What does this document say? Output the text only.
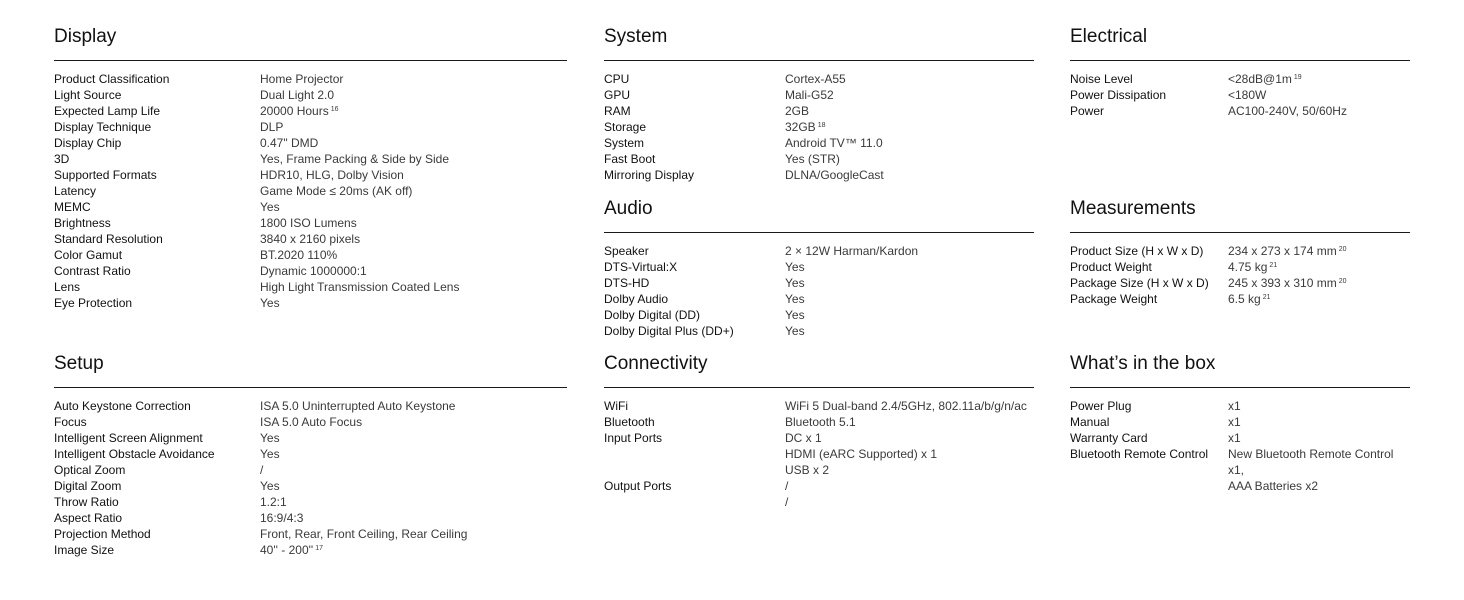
Display
Product Classification	Home Projector
Light Source	Dual Light 2.0
Expected Lamp Life	20000 Hours $^{16}$
Display Technique	DLP
Display Chip	0.47" DMD
3D	Yes, Frame Packing & Side by Side
Supported Formats	HDR10, HLG, Dolby Vision
Latency	Game Mode ≤ 20ms (AK off)
MEMC	Yes
Brightness	1800 ISO Lumens
Standard Resolution	3840 x 2160 pixels
Color Gamut	BT.2020 110%
Contrast Ratio	Dynamic 1000000:1
Lens	High Light Transmission Coated Lens
Eye Protection	Yes
Setup
Auto Keystone Correction	ISA 5.0 Uninterrupted Auto Keystone
Focus	ISA 5.0 Auto Focus
Intelligent Screen Alignment	Yes
Intelligent Obstacle Avoidance	Yes
Optical Zoom	/
Digital Zoom	Yes
Throw Ratio	1.2:1
Aspect Ratio	16:9/4:3
Projection Method	Front, Rear, Front Ceiling, Rear Ceiling
Image Size	40'' - 200'' $^{17}$
System
CPU	Cortex-A55
GPU	Mali-G52
RAM	2GB
Storage	32GB $^{18}$
System	Android TV™ 11.0
Fast Boot	Yes (STR)
Mirroring Display	DLNA/GoogleCast
Audio
Speaker	2 × 12W Harman/Kardon
DTS-Virtual:X	Yes
DTS-HD	Yes
Dolby Audio	Yes
Dolby Digital (DD)	Yes
Dolby Digital Plus (DD+)	Yes
Connectivity
WiFi	WiFi 5 Dual-band 2.4/5GHz, 802.11a/b/g/n/ac
Bluetooth	Bluetooth 5.1
Input Ports	DC x 1
HDMI (eARC Supported) x 1
USB x 2
Output Ports	/
/
Electrical
Noise Level	<28dB@1m $^{19}$
Power Dissipation	<180W
Power	AC100-240V, 50/60Hz
Measurements
Product Size (H x W x D)	234 x 273 x 174 mm $^{20}$
Product Weight	4.75 kg $^{21}$
Package Size (H x W x D)	245 x 393 x 310 mm $^{20}$
Package Weight	6.5 kg $^{21}$
What’s in the box
Power Plug	x1
Manual	x1
Warranty Card	x1
Bluetooth Remote Control	New Bluetooth Remote Control x1,
AAA Batteries x2
